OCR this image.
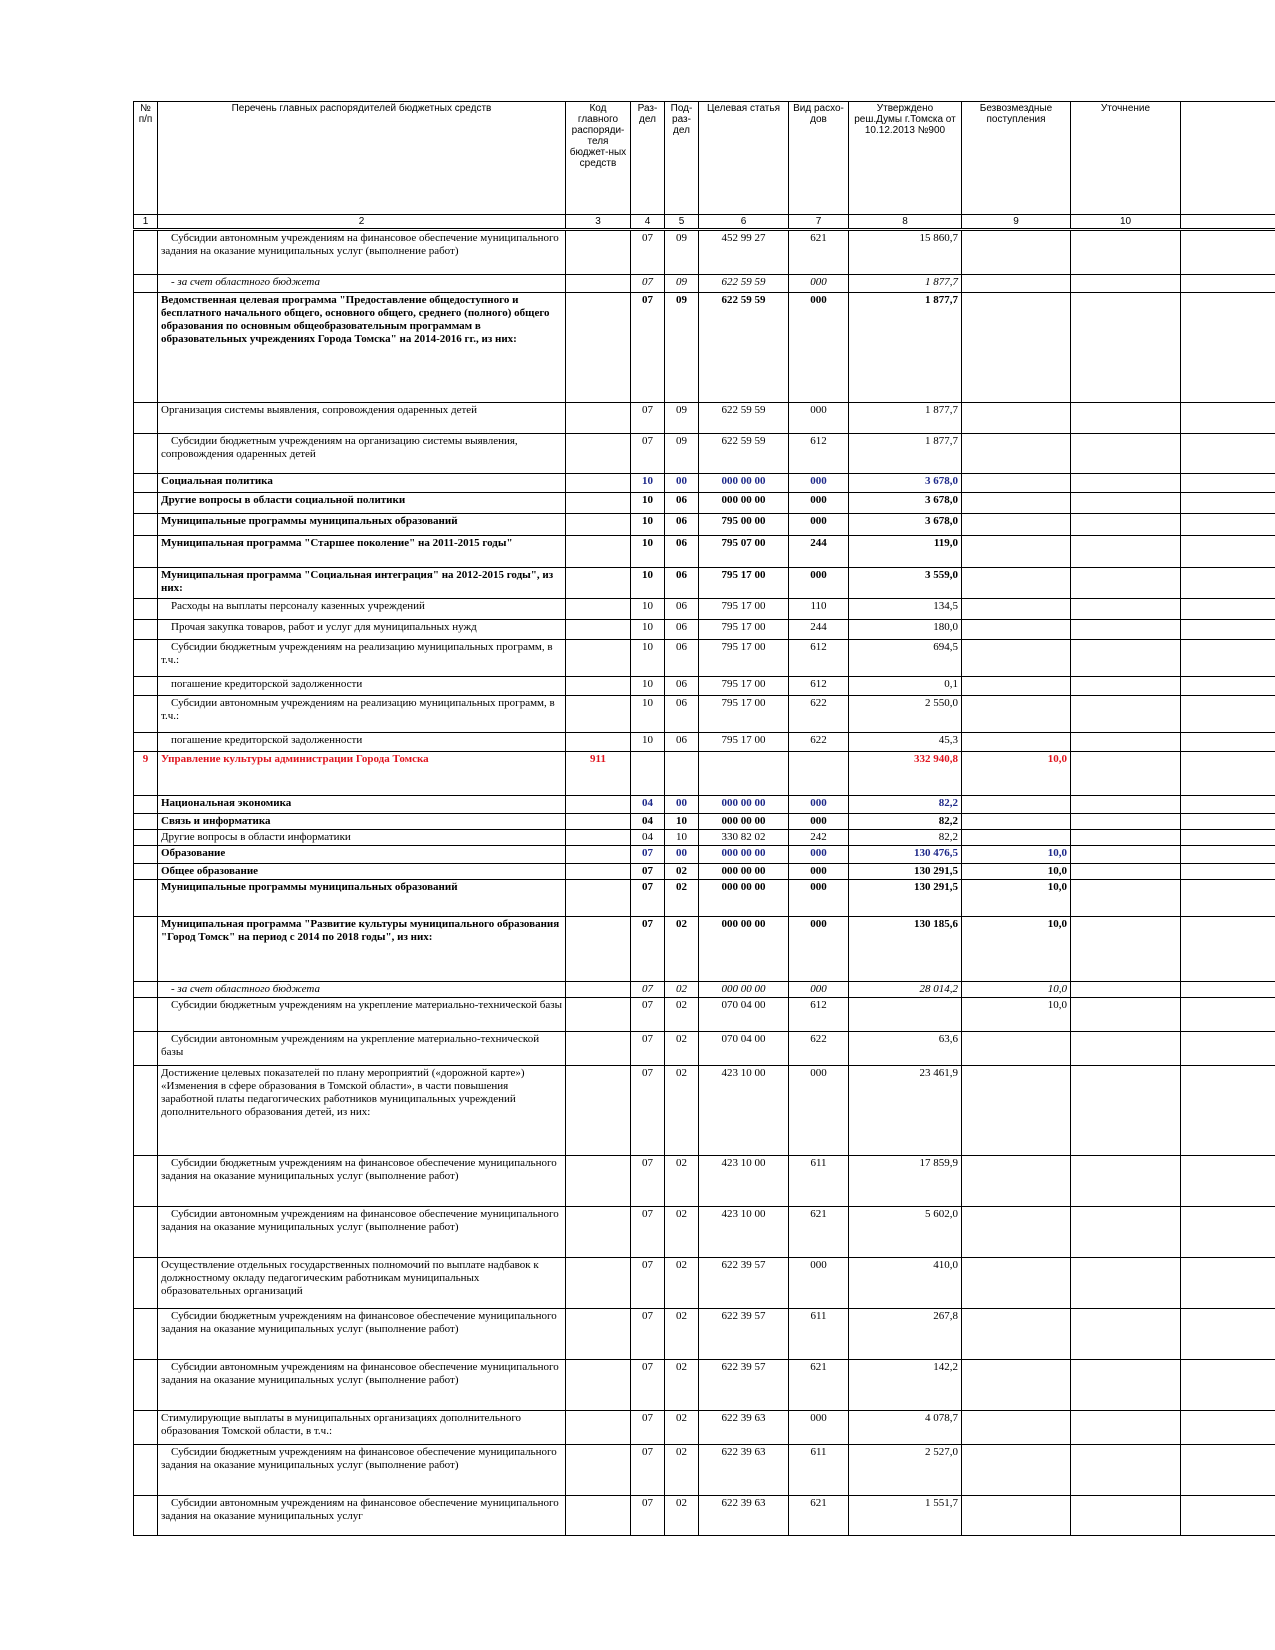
№ п/п	Перечень главных распорядителей бюджетных средств	Код главного распоряди-теля бюджет-ных средств	Раз-дел	Под-раз-дел	Целевая статья	Вид расхо-дов	Утверждено реш.Думы г.Томска от 10.12.2013 №900	Безвозмездные поступления	Уточнение	
1	2	3	4	5	6	7	8	9	10	
	Субсидии автономным учреждениям на финансовое обеспечение муниципального задания на оказание муниципальных услуг (выполнение работ)		07	09	452 99 27	621	15 860,7			
	- за счет областного бюджета		07	09	622 59 59	000	1 877,7			
	Ведомственная целевая программа "Предоставление общедоступного и бесплатного начального общего, основного общего, среднего (полного) общего образования по основным общеобразовательным программам в образовательных учреждениях Города Томска" на 2014-2016 гг., из них:		07	09	622 59 59	000	1 877,7			
	Организация системы выявления, сопровождения одаренных детей		07	09	622 59 59	000	1 877,7			
	Субсидии бюджетным учреждениям на организацию системы выявления, сопровождения одаренных детей		07	09	622 59 59	612	1 877,7			
	Социальная политика		10	00	000 00 00	000	3 678,0			
	Другие вопросы в области социальной политики		10	06	000 00 00	000	3 678,0			
	Муниципальные программы муниципальных образований		10	06	795 00 00	000	3 678,0			
	Муниципальная программа "Старшее поколение" на 2011-2015 годы"		10	06	795 07 00	244	119,0			
	Муниципальная программа "Социальная интеграция" на 2012-2015 годы", из них:		10	06	795 17 00	000	3 559,0			
	Расходы на выплаты персоналу казенных учреждений		10	06	795 17 00	110	134,5			
	Прочая закупка товаров, работ и услуг для муниципальных нужд		10	06	795 17 00	244	180,0			
	Субсидии бюджетным учреждениям на реализацию муниципальных программ, в т.ч.:		10	06	795 17 00	612	694,5			
	погашение кредиторской задолженности		10	06	795 17 00	612	0,1			
	Субсидии автономным учреждениям на реализацию муниципальных программ, в т.ч.:		10	06	795 17 00	622	2 550,0			
	погашение кредиторской задолженности		10	06	795 17 00	622	45,3			
9	Управление культуры администрации Города Томска	911					332 940,8	10,0		
	Национальная экономика		04	00	000 00 00	000	82,2			
	Связь и информатика		04	10	000 00 00	000	82,2			
	Другие вопросы в области информатики		04	10	330 82 02	242	82,2			
	Образование		07	00	000 00 00	000	130 476,5	10,0		
	Общее образование		07	02	000 00 00	000	130 291,5	10,0		
	Муниципальные программы муниципальных образований		07	02	000 00 00	000	130 291,5	10,0		
	Муниципальная программа "Развитие культуры муниципального образования "Город Томск" на период с 2014 по 2018 годы", из них:		07	02	000 00 00	000	130 185,6	10,0		
	- за счет областного бюджета		07	02	000 00 00	000	28 014,2	10,0		
	Субсидии бюджетным учреждениям на укрепление материально-технической базы		07	02	070 04 00	612		10,0		
	Субсидии автономным учреждениям на укрепление материально-технической базы		07	02	070 04 00	622	63,6			
	Достижение целевых показателей по плану мероприятий («дорожной карте») «Изменения в сфере образования в Томской области», в части повышения заработной платы педагогических работников муниципальных учреждений дополнительного образования детей, из них:		07	02	423 10 00	000	23 461,9			
	Субсидии бюджетным учреждениям на финансовое обеспечение муниципального задания на оказание муниципальных услуг (выполнение работ)		07	02	423 10 00	611	17 859,9			
	Субсидии автономным учреждениям на финансовое обеспечение муниципального задания на оказание муниципальных услуг (выполнение работ)		07	02	423 10 00	621	5 602,0			
	Осуществление отдельных государственных полномочий по выплате надбавок к должностному окладу педагогическим работникам муниципальных образовательных организаций		07	02	622 39 57	000	410,0			
	Субсидии бюджетным учреждениям на финансовое обеспечение муниципального задания на оказание муниципальных услуг (выполнение работ)		07	02	622 39 57	611	267,8			
	Субсидии автономным учреждениям на финансовое обеспечение муниципального задания на оказание муниципальных услуг (выполнение работ)		07	02	622 39 57	621	142,2			
	Стимулирующие выплаты в муниципальных организациях дополнительного образования Томской области, в т.ч.:		07	02	622 39 63	000	4 078,7			
	Субсидии бюджетным учреждениям на финансовое обеспечение муниципального задания на оказание муниципальных услуг (выполнение работ)		07	02	622 39 63	611	2 527,0			
	Субсидии автономным учреждениям на финансовое обеспечение муниципального задания на оказание муниципальных услуг		07	02	622 39 63	621	1 551,7			
